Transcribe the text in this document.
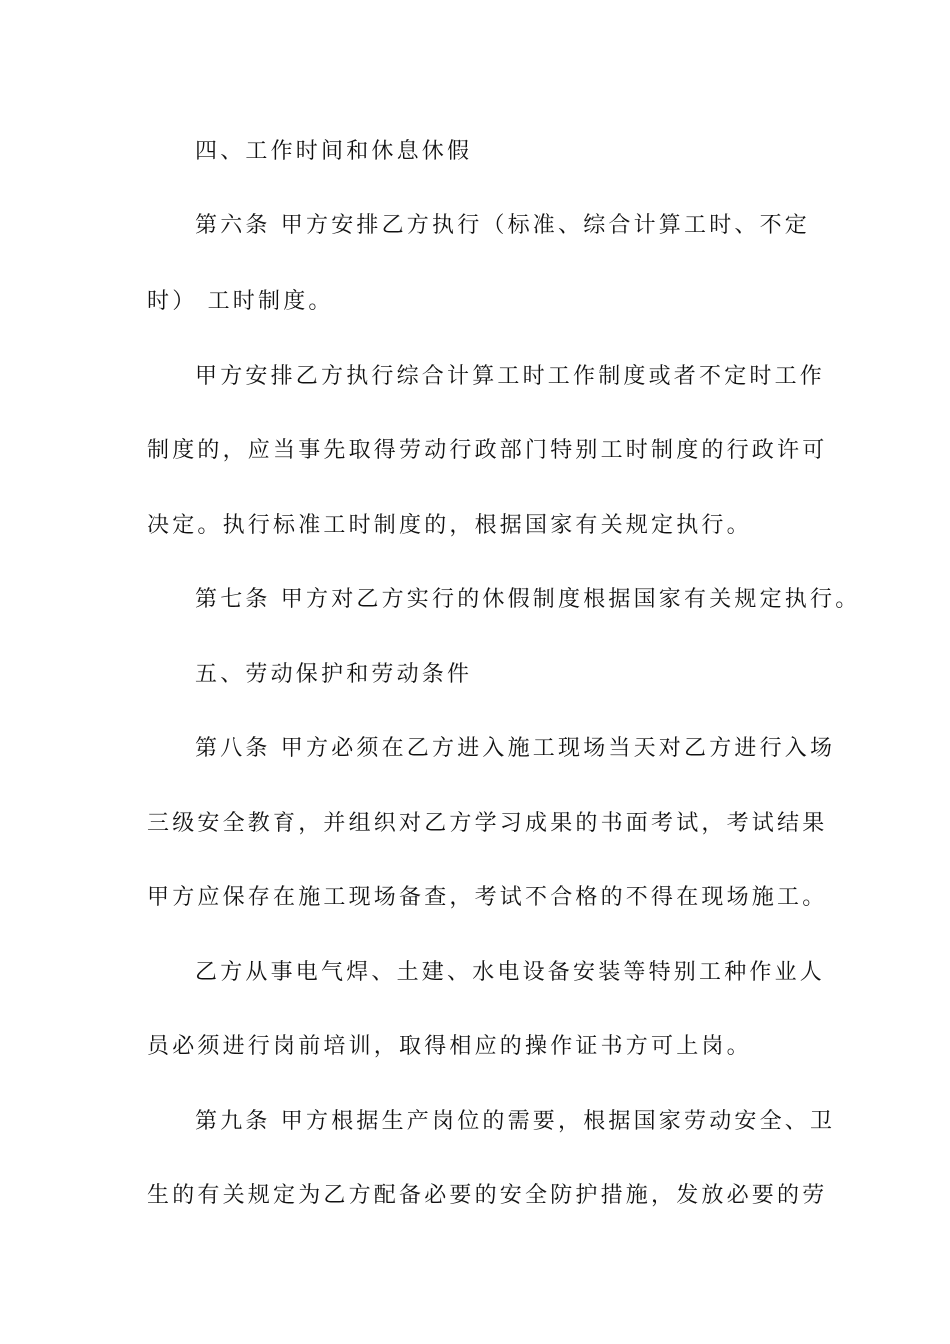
四、工作时间和休息休假
第六条 甲方安排乙方执行（标准、综合计算工时、不定
时） 工时制度。
甲方安排乙方执行综合计算工时工作制度或者不定时工作
制度的，应当事先取得劳动行政部门特别工时制度的行政许可
决定。执行标准工时制度的，根据国家有关规定执行。
第七条 甲方对乙方实行的休假制度根据国家有关规定执行。
五、劳动保护和劳动条件
第八条 甲方必须在乙方进入施工现场当天对乙方进行入场
三级安全教育，并组织对乙方学习成果的书面考试，考试结果
甲方应保存在施工现场备查，考试不合格的不得在现场施工。
乙方从事电气焊、土建、水电设备安装等特别工种作业人
员必须进行岗前培训，取得相应的操作证书方可上岗。
第九条 甲方根据生产岗位的需要，根据国家劳动安全、卫
生的有关规定为乙方配备必要的安全防护措施，发放必要的劳
